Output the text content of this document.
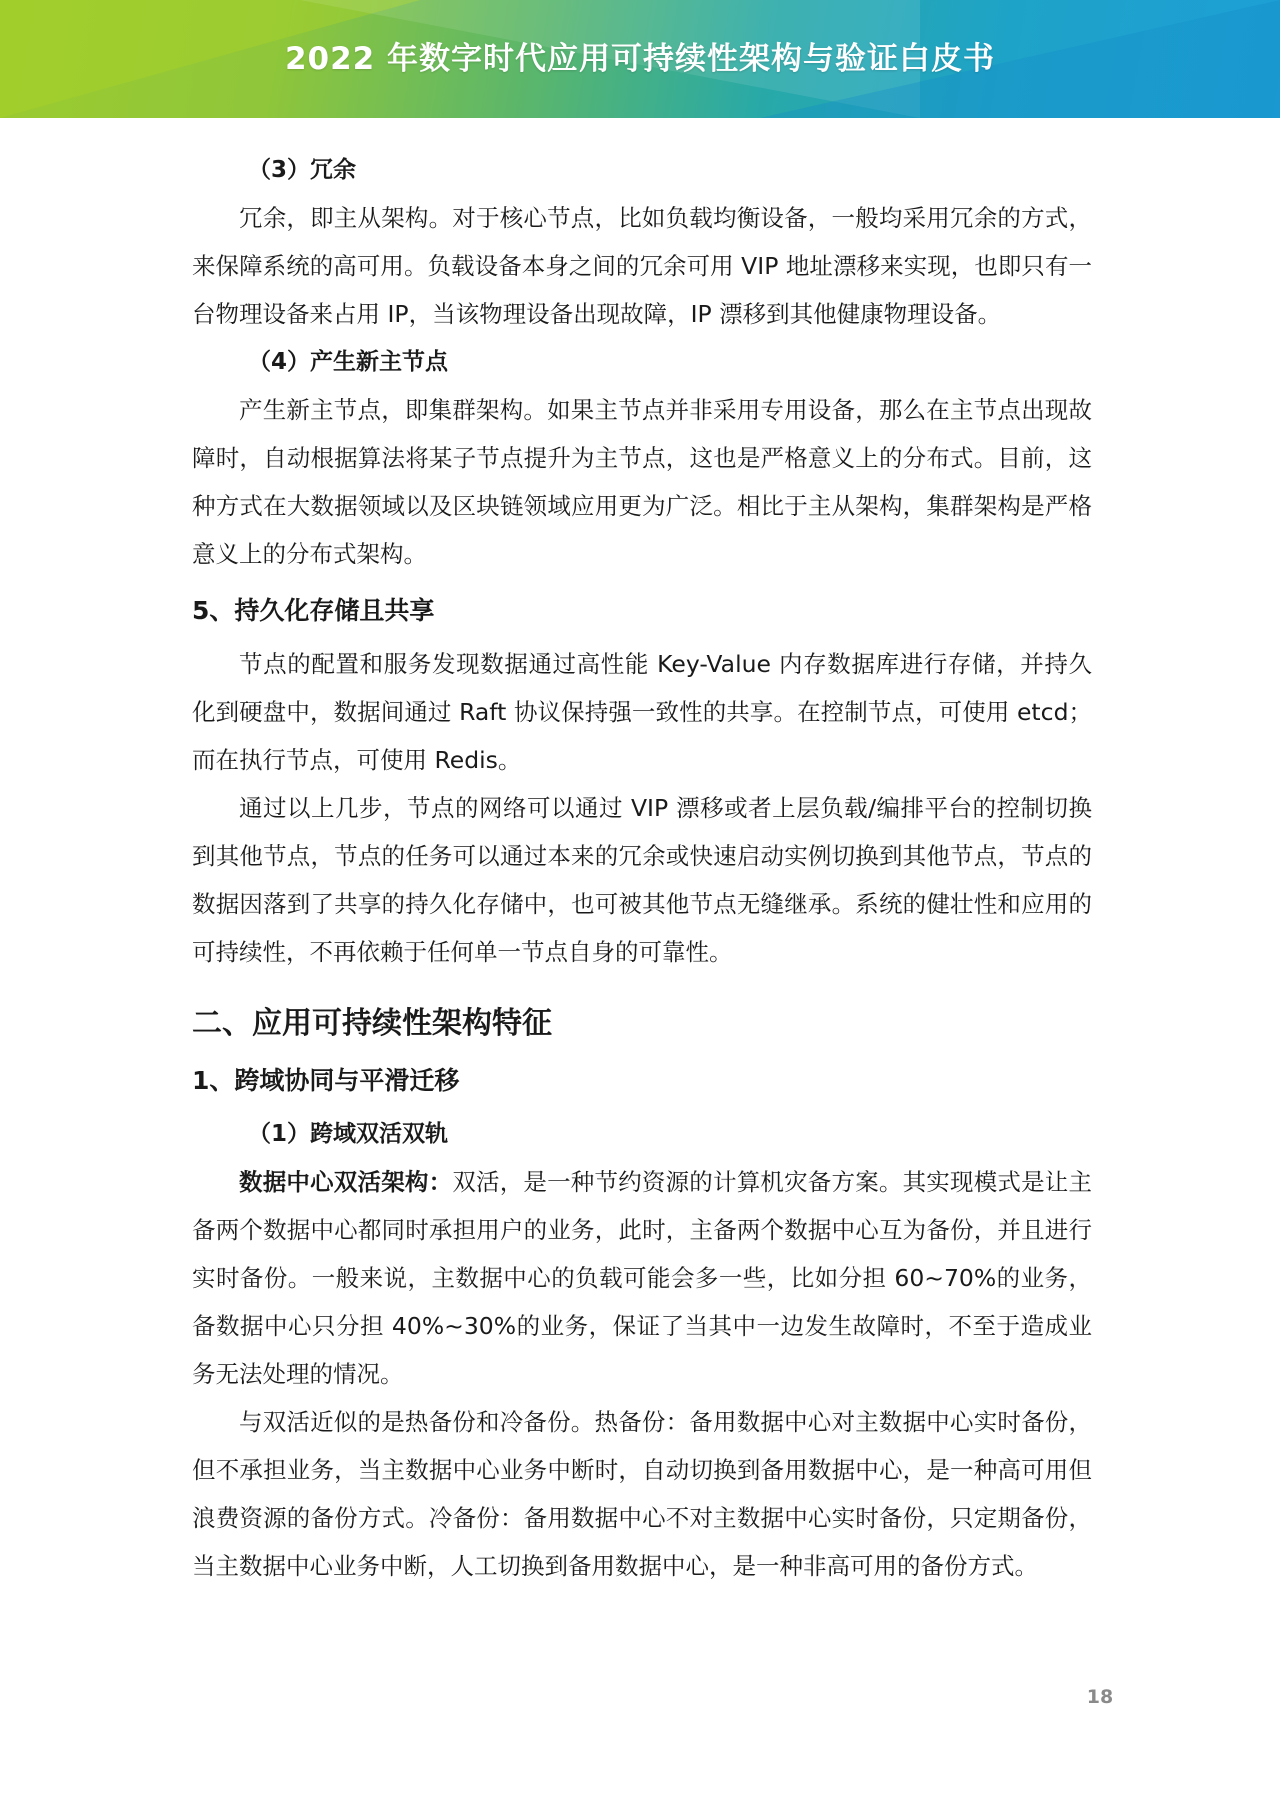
2022 年数字时代应用可持续性架构与验证白皮书

（3）冗余

冗余，即主从架构。对于核心节点，比如负载均衡设备，一般均采用冗余的方式，来保障系统的高可用。负载设备本身之间的冗余可用 VIP 地址漂移来实现，也即只有一台物理设备来占用 IP，当该物理设备出现故障，IP 漂移到其他健康物理设备。

（4）产生新主节点

产生新主节点，即集群架构。如果主节点并非采用专用设备，那么在主节点出现故障时，自动根据算法将某子节点提升为主节点，这也是严格意义上的分布式。目前，这种方式在大数据领域以及区块链领域应用更为广泛。相比于主从架构，集群架构是严格意义上的分布式架构。

5、持久化存储且共享

节点的配置和服务发现数据通过高性能 Key-Value 内存数据库进行存储，并持久化到硬盘中，数据间通过 Raft 协议保持强一致性的共享。在控制节点，可使用 etcd；而在执行节点，可使用 Redis。

通过以上几步，节点的网络可以通过 VIP 漂移或者上层负载/编排平台的控制切换到其他节点，节点的任务可以通过本来的冗余或快速启动实例切换到其他节点，节点的数据因落到了共享的持久化存储中，也可被其他节点无缝继承。系统的健壮性和应用的可持续性，不再依赖于任何单一节点自身的可靠性。

二、应用可持续性架构特征

1、跨域协同与平滑迁移

（1）跨域双活双轨

数据中心双活架构：双活，是一种节约资源的计算机灾备方案。其实现模式是让主备两个数据中心都同时承担用户的业务，此时，主备两个数据中心互为备份，并且进行实时备份。一般来说，主数据中心的负载可能会多一些，比如分担 60~70%的业务，备数据中心只分担 40%~30%的业务，保证了当其中一边发生故障时，不至于造成业务无法处理的情况。

与双活近似的是热备份和冷备份。热备份：备用数据中心对主数据中心实时备份，但不承担业务，当主数据中心业务中断时，自动切换到备用数据中心，是一种高可用但浪费资源的备份方式。冷备份：备用数据中心不对主数据中心实时备份，只定期备份，当主数据中心业务中断，人工切换到备用数据中心，是一种非高可用的备份方式。

18
